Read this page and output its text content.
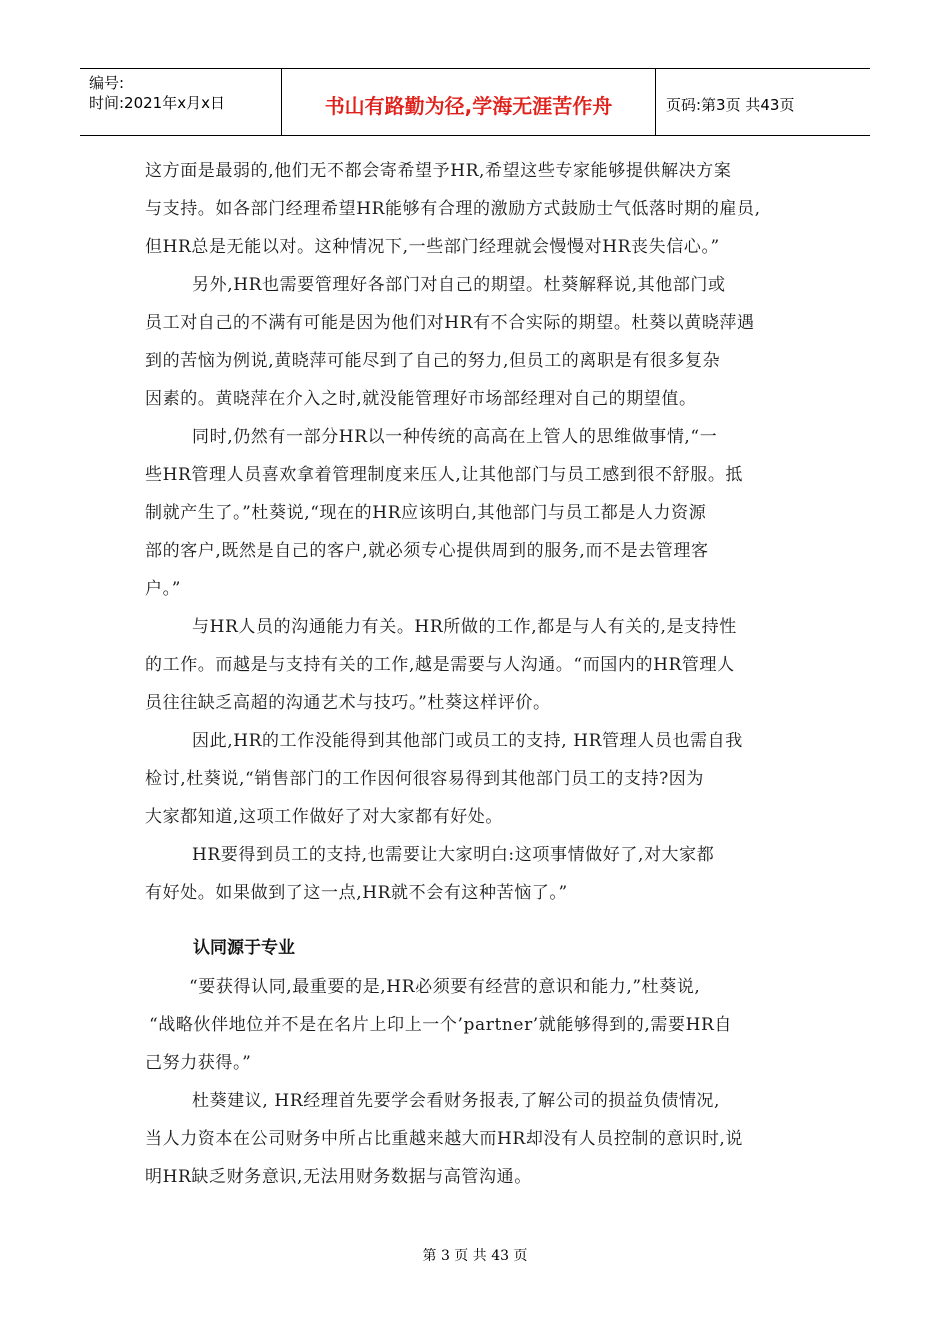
编号:
时间:2021年x月x日	书山有路勤为径,学海无涯苦作舟	页码:第3页 共43页
这方面是最弱的,他们无不都会寄希望予HR,希望这些专家能够提供解决方案
与支持。如各部门经理希望HR能够有合理的激励方式鼓励士气低落时期的雇员,
但HR总是无能以对。这种情况下,一些部门经理就会慢慢对HR丧失信心。”
另外,HR也需要管理好各部门对自己的期望。杜葵解释说,其他部门或
员工对自己的不满有可能是因为他们对HR有不合实际的期望。杜葵以黄晓萍遇
到的苦恼为例说,黄晓萍可能尽到了自己的努力,但员工的离职是有很多复杂
因素的。黄晓萍在介入之时,就没能管理好市场部经理对自己的期望值。
同时,仍然有一部分HR以一种传统的高高在上管人的思维做事情,“一
些HR管理人员喜欢拿着管理制度来压人,让其他部门与员工感到很不舒服。抵
制就产生了。”杜葵说,“现在的HR应该明白,其他部门与员工都是人力资源
部的客户,既然是自己的客户,就必须专心提供周到的服务,而不是去管理客
户。”
与HR人员的沟通能力有关。HR所做的工作,都是与人有关的,是支持性
的工作。而越是与支持有关的工作,越是需要与人沟通。“而国内的HR管理人
员往往缺乏高超的沟通艺术与技巧。”杜葵这样评价。
因此,HR的工作没能得到其他部门或员工的支持, HR管理人员也需自我
检讨,杜葵说,“销售部门的工作因何很容易得到其他部门员工的支持?因为
大家都知道,这项工作做好了对大家都有好处。
HR要得到员工的支持,也需要让大家明白:这项事情做好了,对大家都
有好处。如果做到了这一点,HR就不会有这种苦恼了。”
认同源于专业
“要获得认同,最重要的是,HR必须要有经营的意识和能力,”杜葵说,
“战略伙伴地位并不是在名片上印上一个’partner’就能够得到的,需要HR自
己努力获得。”
杜葵建议, HR经理首先要学会看财务报表,了解公司的损益负债情况,
当人力资本在公司财务中所占比重越来越大而HR却没有人员控制的意识时,说
明HR缺乏财务意识,无法用财务数据与高管沟通。
第 3 页 共 43 页
